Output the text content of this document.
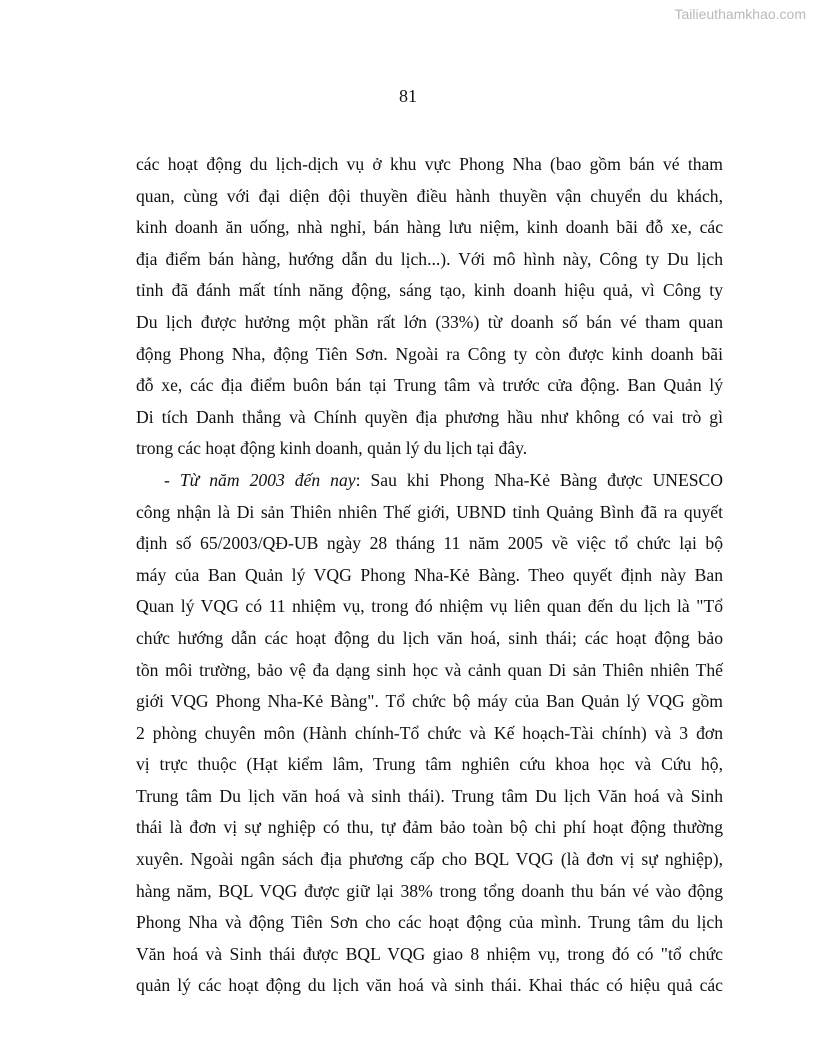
Tailieuthamkhao.com
81
các hoạt động du lịch-dịch vụ ở khu vực Phong Nha (bao gồm bán vé tham
quan, cùng với đại diện đội thuyền điều hành thuyền vận chuyển du khách,
kinh doanh ăn uống, nhà nghỉ, bán hàng lưu niệm, kinh doanh bãi đỗ xe, các
địa điểm bán hàng, hướng dẫn du lịch...). Với mô hình này, Công ty Du lịch
tỉnh đã đánh mất tính năng động, sáng tạo, kinh doanh hiệu quả, vì Công ty
Du lịch được hưởng một phần rất lớn (33%) từ doanh số bán vé tham quan
động Phong Nha, động Tiên Sơn. Ngoài ra Công ty còn được kinh doanh bãi
đỗ xe, các địa điểm buôn bán tại Trung tâm và trước cửa động. Ban Quản lý
Di tích Danh thắng và Chính quyền địa phương hầu như không có vai trò gì
trong các hoạt động kinh doanh, quản lý du lịch tại đây.
- Từ năm 2003 đến nay: Sau khi Phong Nha-Kẻ Bàng được UNESCO
công nhận là Di sản Thiên nhiên Thế giới, UBND tỉnh Quảng Bình đã ra quyết
định số 65/2003/QĐ-UB ngày 28 tháng 11 năm 2005 về việc tổ chức lại bộ
máy của Ban Quản lý VQG Phong Nha-Kẻ Bàng. Theo quyết định này Ban
Quan lý VQG có 11 nhiệm vụ, trong đó nhiệm vụ liên quan đến du lịch là "Tổ
chức hướng dẫn các hoạt động du lịch văn hoá, sinh thái; các hoạt động bảo
tồn môi trường, bảo vệ đa dạng sinh học và cảnh quan Di sản Thiên nhiên Thế
giới VQG Phong Nha-Kẻ Bàng". Tổ chức bộ máy của Ban Quản lý VQG gồm
2 phòng chuyên môn (Hành chính-Tổ chức và Kế hoạch-Tài chính) và 3 đơn
vị trực thuộc (Hạt kiểm lâm, Trung tâm nghiên cứu khoa học và Cứu hộ,
Trung tâm Du lịch văn hoá và sinh thái). Trung tâm Du lịch Văn hoá và Sinh
thái là đơn vị sự nghiệp có thu, tự đảm bảo toàn bộ chi phí hoạt động thường
xuyên. Ngoài ngân sách địa phương cấp cho BQL VQG (là đơn vị sự nghiệp),
hàng năm, BQL VQG được giữ lại 38% trong tổng doanh thu bán vé vào động
Phong Nha và động Tiên Sơn cho các hoạt động của mình. Trung tâm du lịch
Văn hoá và Sinh thái được BQL VQG giao 8 nhiệm vụ, trong đó có "tổ chức
quản lý các hoạt động du lịch văn hoá và sinh thái. Khai thác có hiệu quả các
